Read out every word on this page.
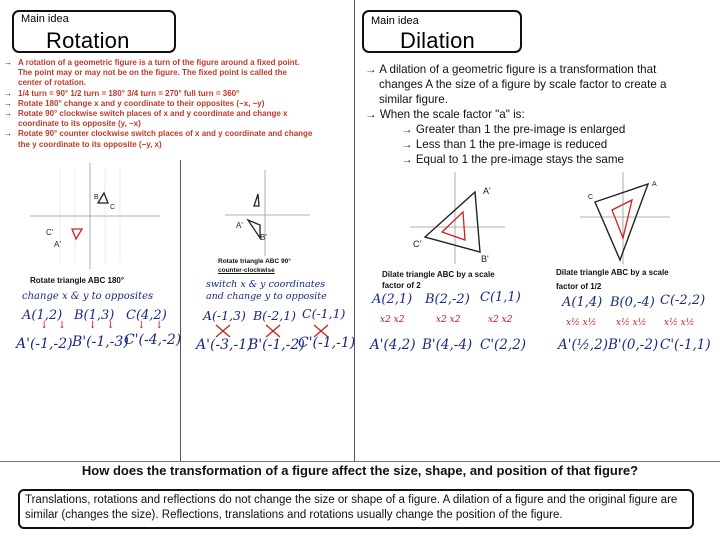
Main idea
Rotation
Main idea
Dilation
→ A rotation of a geometric figure is a turn of the figure around a fixed point.
The point may or may not be on the figure. The fixed point is called the
center of rotation.
→ 1/4 turn = 90° 1/2 turn = 180° 3/4 turn = 270° full turn = 360°
→ Rotate 180° change x and y coordinate to their opposites (−x, −y)
→ Rotate 90° clockwise switch places of x and y coordinate and change x
coordinate to its opposite (y, −x)
→ Rotate 90° counter clockwise switch places of x and y coordinate and change
the y coordinate to its opposite (−y, x)
→ A dilation of a geometric figure is a transformation that
changes A the size of a figure by scale factor to create a
similar figure.
→ When the scale factor "a" is:
→ Greater than 1 the pre-image is enlarged
→ Less than 1 the pre-image is reduced
→ Equal to 1 the pre-image stays the same
B
C
C'
A'
Rotate triangle ABC 180°
change x & y to opposites
A(1,2) B(1,3) C(4,2)
↓   ↓       ↓   ↓       ↓   ↓
A'(-1,-2) B'(-1,-3)
C'(-4,-2)
A'
B'
Rotate triangle ABC 90°
counter-clockwise
switch x & y coordinates
and change y to opposite
A(-1,3) B(-2,1) C(-1,1)
A'(-3,-1)
B'(-1,-2)
C'(-1,-1)
A'
C'
B'
Dilate triangle ABC by a scale
factor of 2
A(2,1) B(2,-2) C(1,1)
x2 x2	x2 x2	x2 x2
A'(4,2) B'(4,-4) C'(2,2)
C
A
Dilate triangle ABC by a scale
factor of 1/2
A(1,4) B(0,-4) C(-2,2)
x½ x½ x½ x½ x½ x½
A'(½,2) B'(0,-2) C'(-1,1)
How does the transformation of a figure affect the size, shape, and position of that figure?
Translations, rotations and reflections do not change the size or shape of a figure. A dilation of a figure and the original figure are similar (changes the size). Reflections, translations and rotations usually change the position of the figure.
